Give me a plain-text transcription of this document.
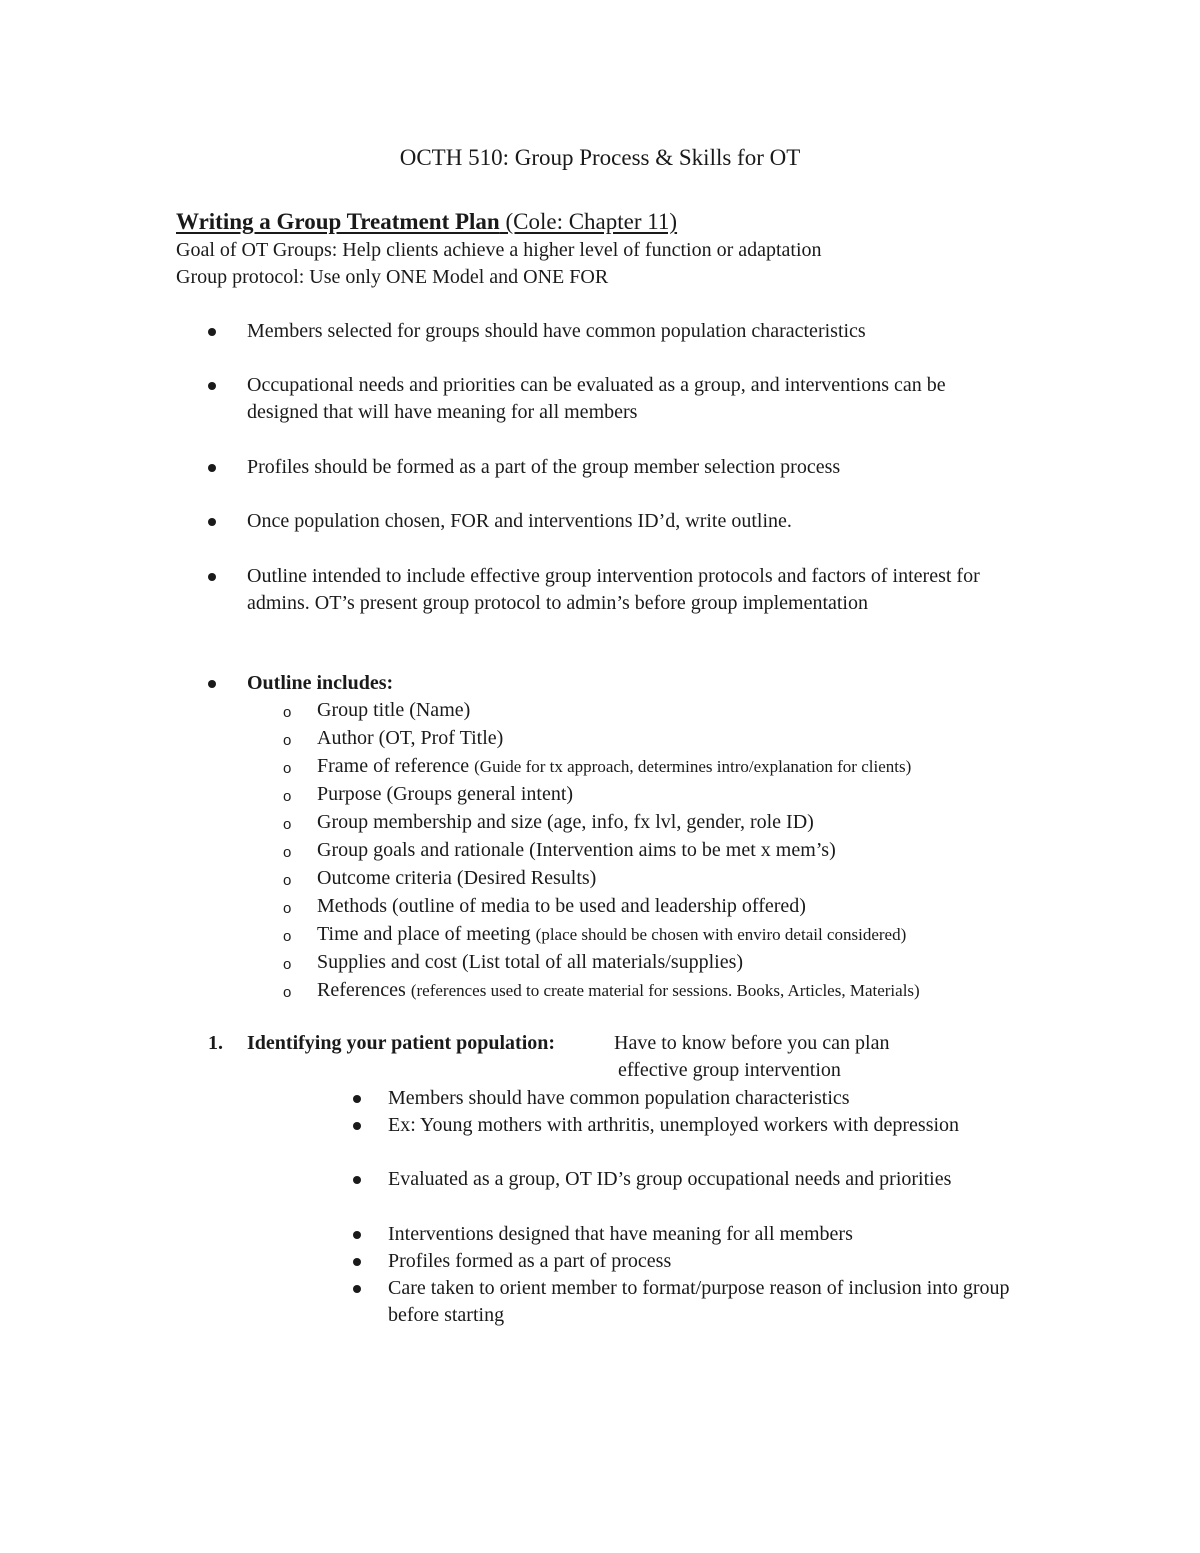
OCTH 510: Group Process & Skills for OT
Writing a Group Treatment Plan (Cole: Chapter 11)

Goal of OT Groups: Help clients achieve a higher level of function or adaptation

Group protocol: Use only ONE Model and ONE FOR

Members selected for groups should have common population characteristics
Occupational needs and priorities can be evaluated as a group, and interventions can be designed that will have meaning for all members
Profiles should be formed as a part of the group member selection process
Once population chosen, FOR and interventions ID’d, write outline.
Outline intended to include effective group intervention protocols and factors of interest for admins. OT’s present group protocol to admin’s before group implementation
Outline includes:
o Group title (Name)
o Author (OT, Prof Title)
o Frame of reference (Guide for tx approach, determines intro/explanation for clients)
o Purpose (Groups general intent)
o Group membership and size (age, info, fx lvl, gender, role ID)
o Group goals and rationale (Intervention aims to be met x mem’s)
o Outcome criteria (Desired Results)
o Methods (outline of media to be used and leadership offered)
o Time and place of meeting (place should be chosen with enviro detail considered)
o Supplies and cost (List total of all materials/supplies)
o References (references used to create material for sessions. Books, Articles, Materials)
1. Identifying your patient population:	Have to know before you can plan
effective group intervention
Members should have common population characteristics
Ex: Young mothers with arthritis, unemployed workers with depression
Evaluated as a group, OT ID’s group occupational needs and priorities
Interventions designed that have meaning for all members
Profiles formed as a part of process
Care taken to orient member to format/purpose reason of inclusion into group before starting
